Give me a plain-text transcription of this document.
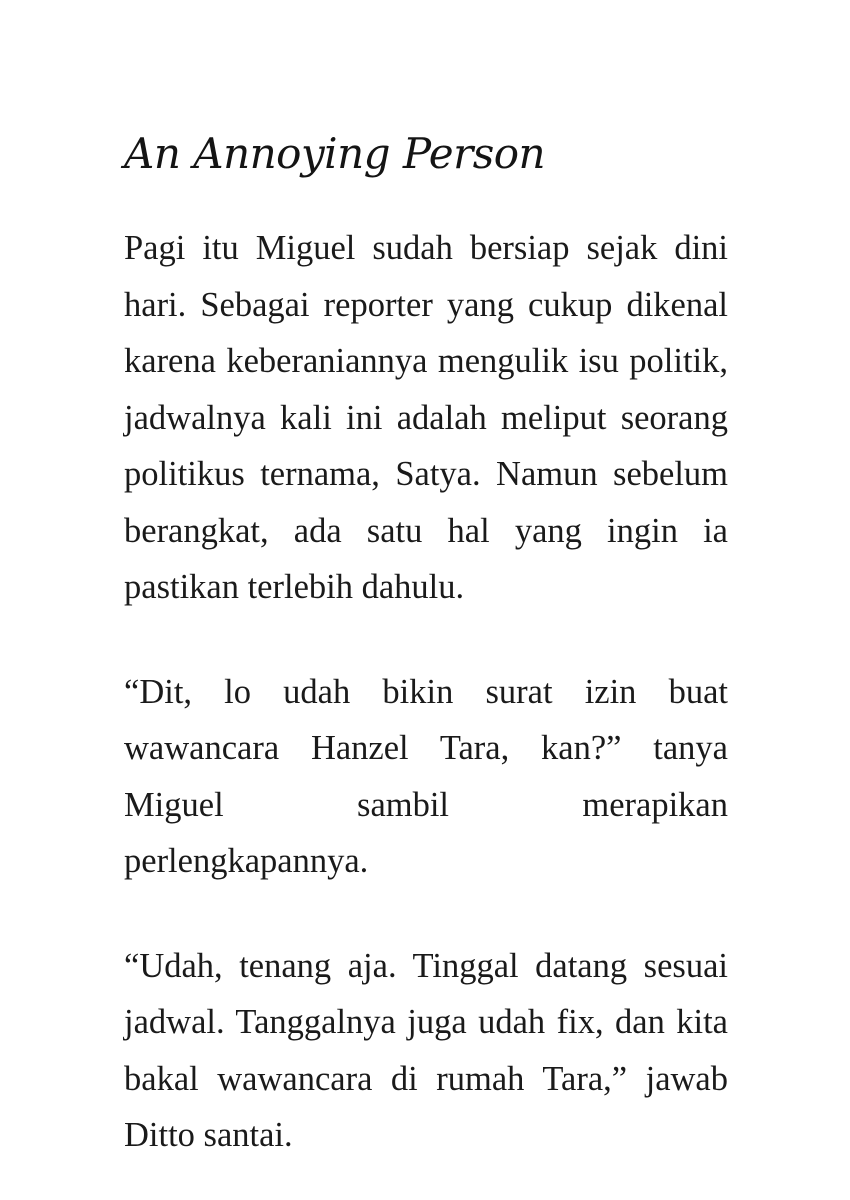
An Annoying Person

Pagi itu Miguel sudah bersiap sejak dini hari. Sebagai reporter yang cukup dikenal karena keberaniannya mengulik isu politik, jadwalnya kali ini adalah meliput seorang politikus ternama, Satya. Namun sebelum berangkat, ada satu hal yang ingin ia pastikan terlebih dahulu.

“Dit, lo udah bikin surat izin buat wawancara Hanzel Tara, kan?” tanya Miguel sambil merapikan perlengkapannya.

“Udah, tenang aja. Tinggal datang sesuai jadwal. Tanggalnya juga udah fix, dan kita bakal wawancara di rumah Tara,” jawab Ditto santai.
